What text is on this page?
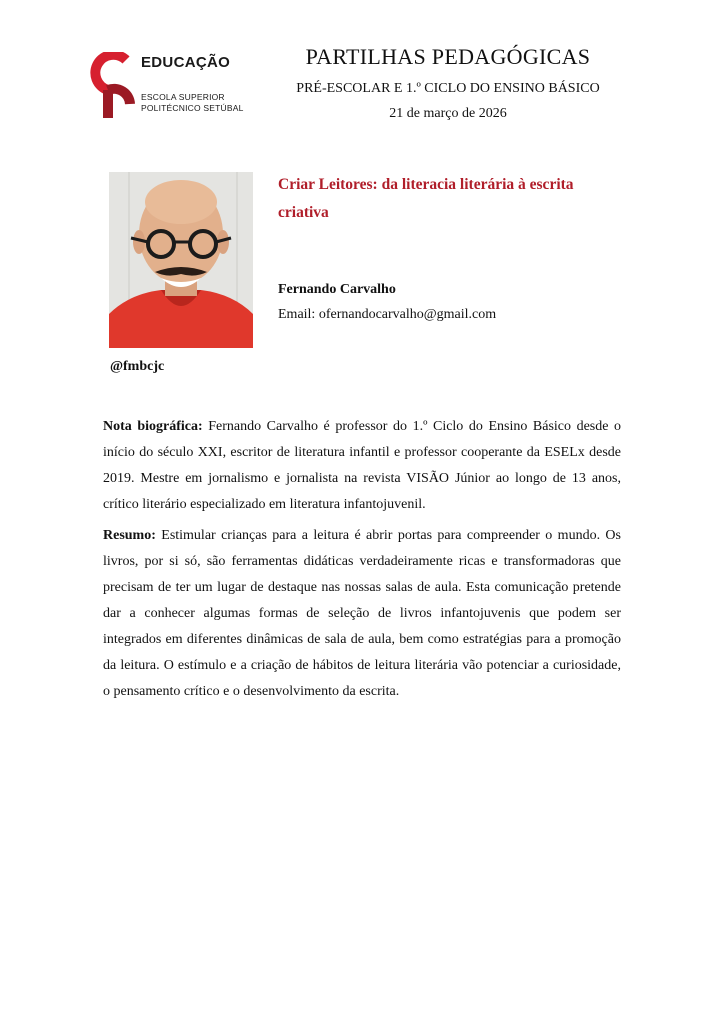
EDUCAÇÃO
ESCOLA SUPERIOR
POLITÉCNICO SETÚBAL
PARTILHAS PEDAGÓGICAS
PRÉ-ESCOLAR E 1.º CICLO DO ENSINO BÁSICO
21 de março de 2026
@fmbcjc
Criar Leitores: da literacia literária à escrita criativa
Fernando Carvalho
Email: ofernandocarvalho@gmail.com

Nota biográfica: Fernando Carvalho é professor do 1.º Ciclo do Ensino Básico desde o início do século XXI, escritor de literatura infantil e professor cooperante da ESELx desde 2019. Mestre em jornalismo e jornalista na revista VISÃO Júnior ao longo de 13 anos, crítico literário especializado em literatura infantojuvenil.

Resumo: Estimular crianças para a leitura é abrir portas para compreender o mundo. Os livros, por si só, são ferramentas didáticas verdadeiramente ricas e transformadoras que precisam de ter um lugar de destaque nas nossas salas de aula. Esta comunicação pretende dar a conhecer algumas formas de seleção de livros infantojuvenis que podem ser integrados em diferentes dinâmicas de sala de aula, bem como estratégias para a promoção da leitura. O estímulo e a criação de hábitos de leitura literária vão potenciar a curiosidade, o pensamento crítico e o desenvolvimento da escrita.
